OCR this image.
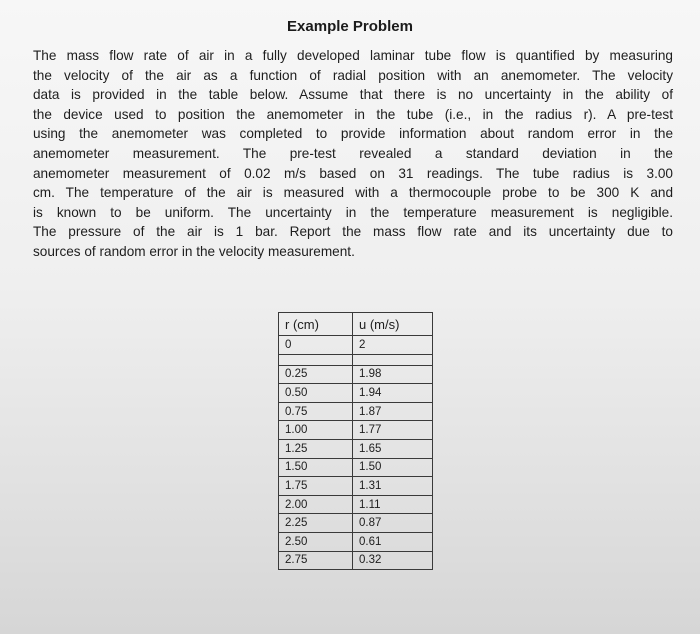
Example Problem

The mass flow rate of air in a fully developed laminar tube flow is quantified by measuring
the velocity of the air as a function of radial position with an anemometer. The velocity
data is provided in the table below. Assume that there is no uncertainty in the ability of
the device used to position the anemometer in the tube (i.e., in the radius r). A pre-test
using the anemometer was completed to provide information about random error in the
anemometer measurement. The pre-test revealed a standard deviation in the
anemometer measurement of 0.02 m/s based on 31 readings. The tube radius is 3.00
cm. The temperature of the air is measured with a thermocouple probe to be 300 K and
is known to be uniform. The uncertainty in the temperature measurement is negligible.
The pressure of the air is 1 bar. Report the mass flow rate and its uncertainty due to
sources of random error in the velocity measurement.

r (cm)	u (m/s)
0	2

0.25	1.98
0.50	1.94
0.75	1.87
1.00	1.77
1.25	1.65
1.50	1.50
1.75	1.31
2.00	1.11
2.25	0.87
2.50	0.61
2.75	0.32
